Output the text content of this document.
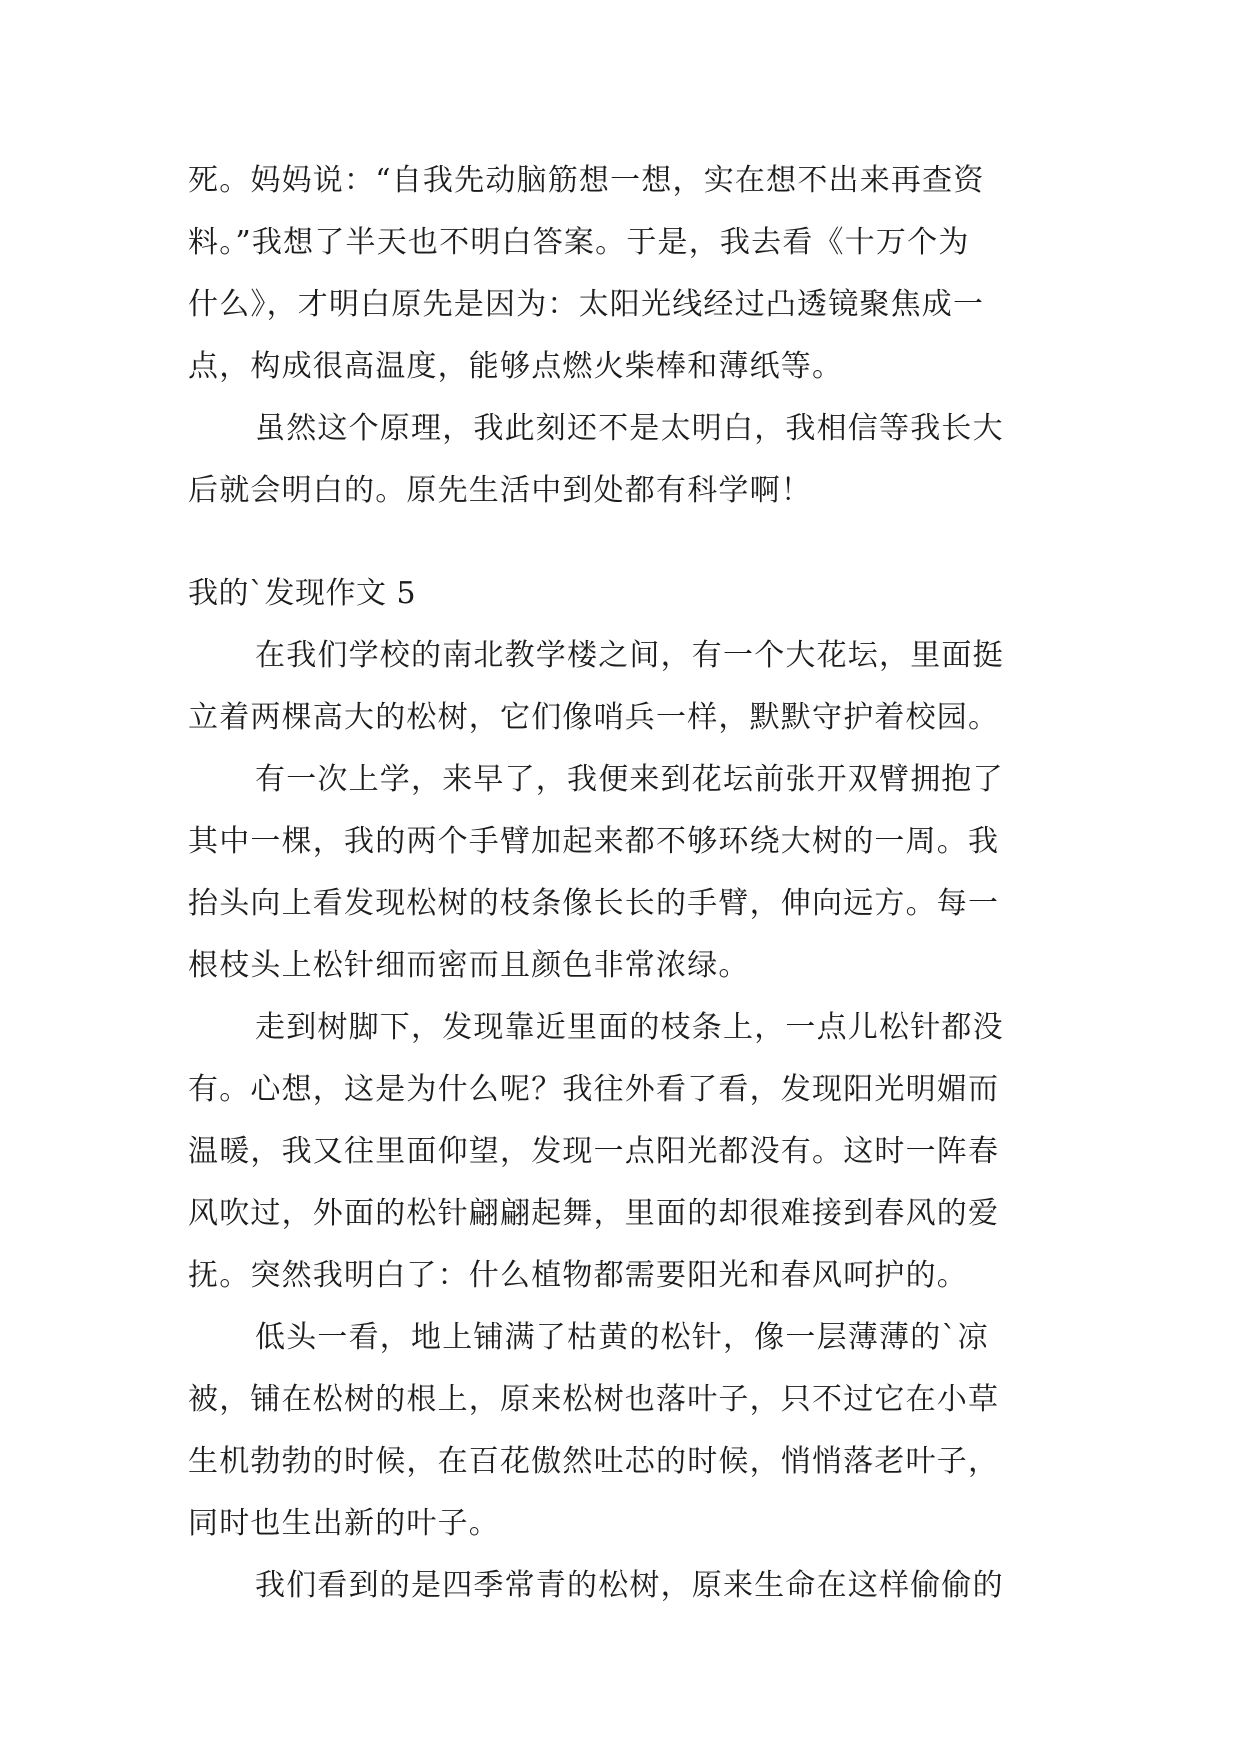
死。妈妈说：“自我先动脑筋想一想，实在想不出来再查资
料。”我想了半天也不明白答案。于是，我去看《十万个为
什么》，才明白原先是因为：太阳光线经过凸透镜聚焦成一
点，构成很高温度，能够点燃火柴棒和薄纸等。
虽然这个原理，我此刻还不是太明白，我相信等我长大
后就会明白的。原先生活中到处都有科学啊！
我的`发现作文 5
在我们学校的南北教学楼之间，有一个大花坛，里面挺
立着两棵高大的松树，它们像哨兵一样，默默守护着校园。
有一次上学，来早了，我便来到花坛前张开双臂拥抱了
其中一棵，我的两个手臂加起来都不够环绕大树的一周。我
抬头向上看发现松树的枝条像长长的手臂，伸向远方。每一
根枝头上松针细而密而且颜色非常浓绿。
走到树脚下，发现靠近里面的枝条上，一点儿松针都没
有。心想，这是为什么呢？我往外看了看，发现阳光明媚而
温暖，我又往里面仰望，发现一点阳光都没有。这时一阵春
风吹过，外面的松针翩翩起舞，里面的却很难接到春风的爱
抚。突然我明白了：什么植物都需要阳光和春风呵护的。
低头一看，地上铺满了枯黄的松针，像一层薄薄的`凉
被，铺在松树的根上，原来松树也落叶子，只不过它在小草
生机勃勃的时候，在百花傲然吐芯的时候，悄悄落老叶子，
同时也生出新的叶子。
我们看到的是四季常青的松树，原来生命在这样偷偷的
